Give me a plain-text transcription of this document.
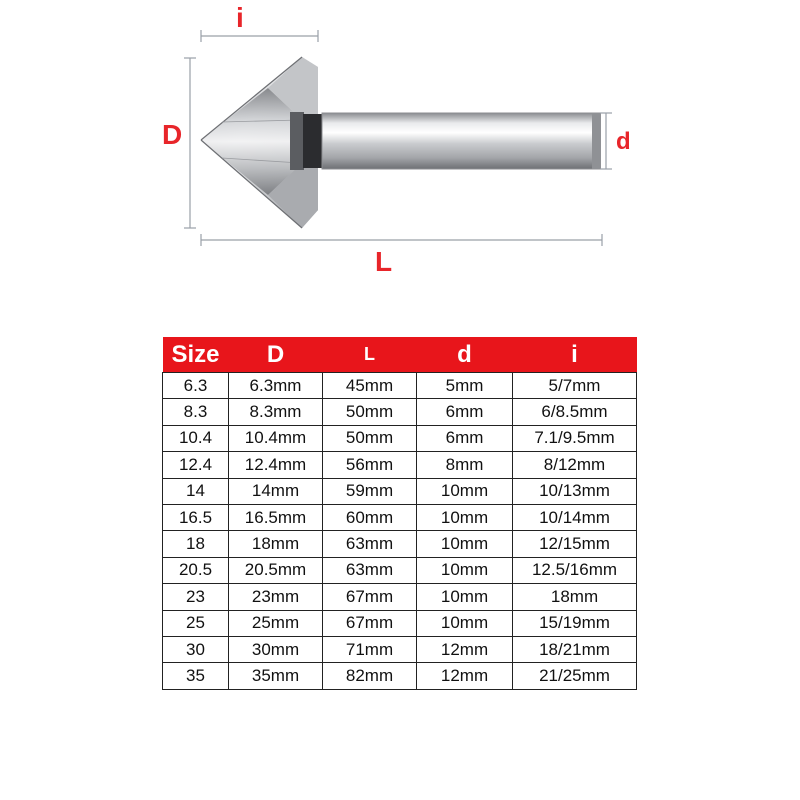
i
D	d
L
Size	D	L	d	i
6.3	6.3mm	45mm	5mm	5/7mm
8.3	8.3mm	50mm	6mm	6/8.5mm
10.4	10.4mm	50mm	6mm	7.1/9.5mm
12.4	12.4mm	56mm	8mm	8/12mm
14	14mm	59mm	10mm	10/13mm
16.5	16.5mm	60mm	10mm	10/14mm
18	18mm	63mm	10mm	12/15mm
20.5	20.5mm	63mm	10mm	12.5/16mm
23	23mm	67mm	10mm	18mm
25	25mm	67mm	10mm	15/19mm
30	30mm	71mm	12mm	18/21mm
35	35mm	82mm	12mm	21/25mm
